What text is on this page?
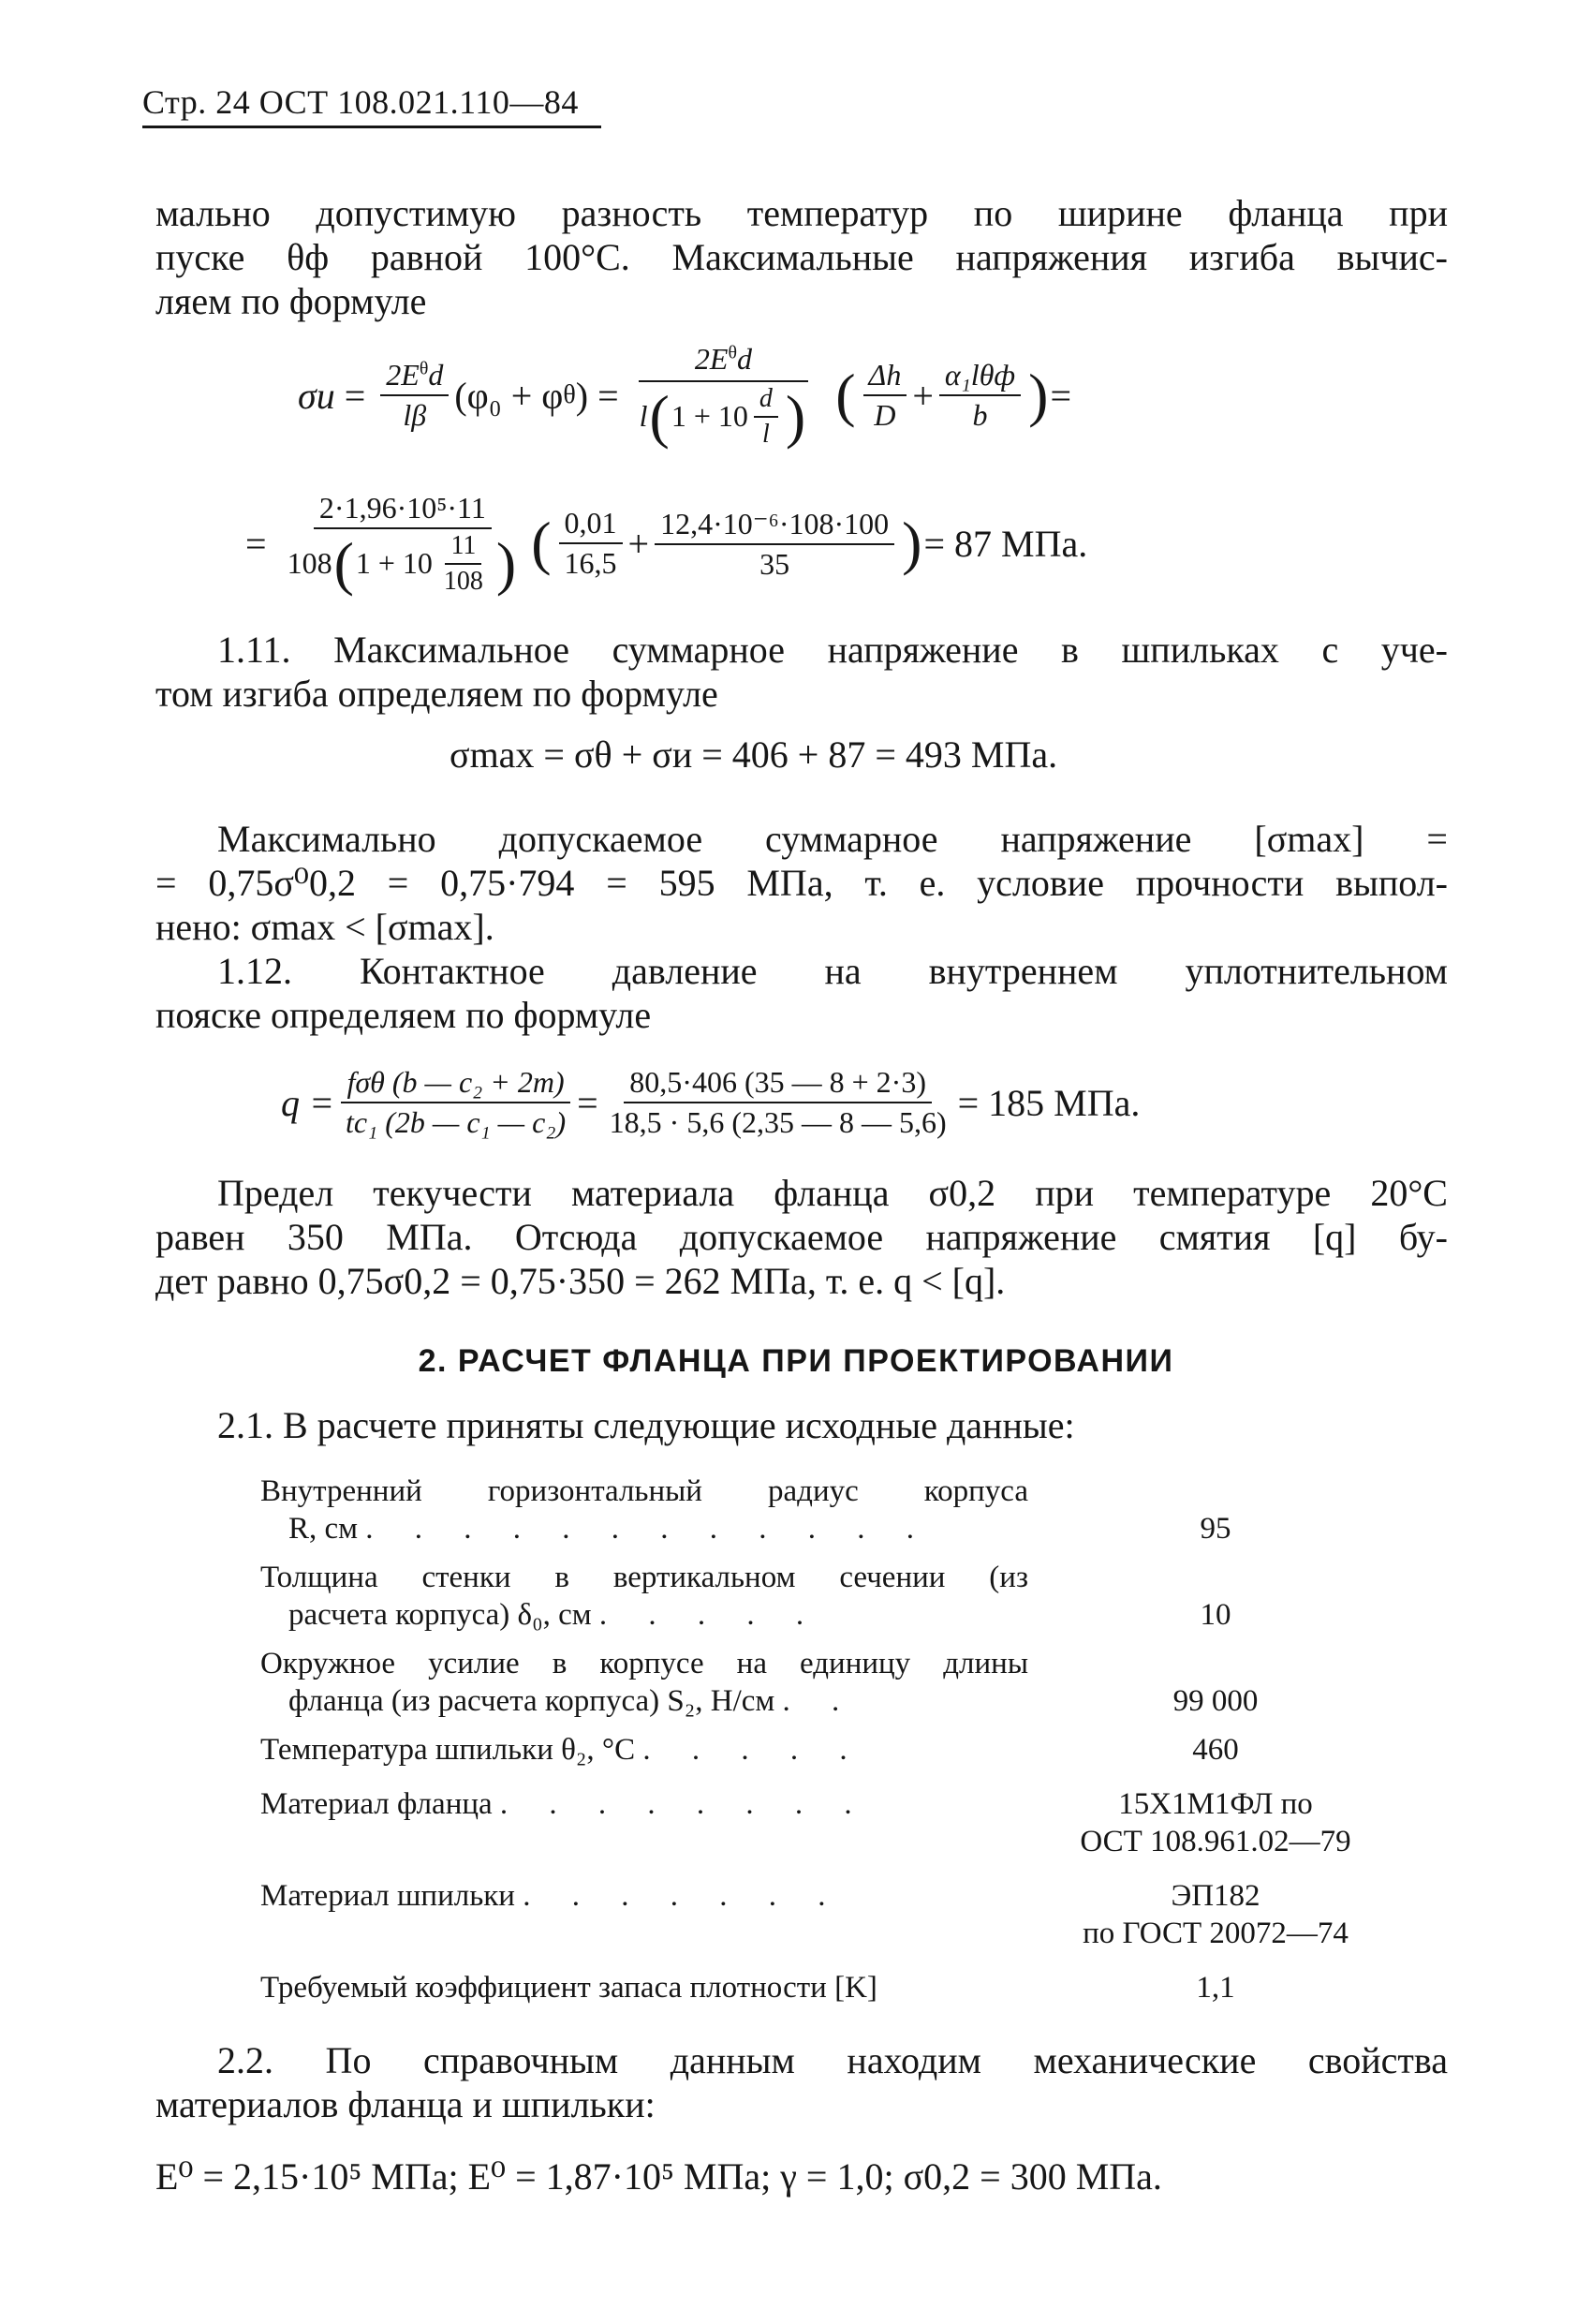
Стр. 24 ОСТ 108.021.110—84
мально допустимую разность температур по ширине фланца при
пуске θф равной 100°С. Максимальные напряжения изгиба вычис-
ляем по формуле
$\sigma и = \frac{2E^\theta d}{l\beta} (\varphi_0 + \varphi$ θ ) = $\frac{2E^\theta d}{l ( 1 + 10 \frac{d}{l} )}$ ( $\frac{\Delta h}{D} + \frac{\text{α₁lθф}}{b}$ ) =
= $\frac{\text{2·1,96·10⁵·11}}{108 ( 1 + 10 \frac{11}{108} )}$ ( $\frac{0,01}{16,5} + \frac{\text{12,4·10⁻⁶·108·100}}{35}$ ) = 87 МПа.
1.11. Максимальное суммарное напряжение в шпильках с уче-
том изгиба определяем по формуле
σmax = σθ + σи = 406 + 87 = 493 МПа.
Максимально допускаемое суммарное напряжение [σmax] =
= 0,75σ⁰0,2 = 0,75·794 = 595 МПа, т. е. условие прочности выпол-
нено: σmax < [σmax].
1.12. Контактное давление на внутреннем уплотнительном
пояске определяем по формуле
$q = \frac{\text{fσθ (b — c₂ + 2m)}}{\text{tc₁ (2b — c₁ — c₂)}} = \frac{80,5\cdot 406 (35 — 8 + 2\cdot 3)}{18,5 \cdot 5,6 (2,35 — 8 — 5,6)} = 185$ МПа.
Предел текучести материала фланца σ0,2 при температуре 20°С
равен 350 МПа. Отсюда допускаемое напряжение смятия [q] бу-
дет равно 0,75σ0,2 = 0,75·350 = 262 МПа, т. е. q < [q].
2. РАСЧЕТ ФЛАНЦА ПРИ ПРОЕКТИРОВАНИИ
2.1. В расчете приняты следующие исходные данные:
Внутренний горизонтальный радиус корпуса
R, см . . . . . . . . . . . .	95
Толщина стенки в вертикальном сечении (из
расчета корпуса) δ₀, см . . . . .	10
Окружное усилие в корпусе на единицу длины
фланца (из расчета корпуса) S₂, Н/см . .	99 000
Температура шпильки θ₂, °С . . . . .	460
Материал фланца . . . . . . . .	15Х1М1ФЛ по
ОСТ 108.961.02—79
Материал шпильки . . . . . . .	ЭП182
по ГОСТ 20072—74
Требуемый коэффициент запаса плотности [K]	1,1
2.2. По справочным данным находим механические свойства
материалов фланца и шпильки:
E⁰ = 2,15·10⁵ МПа; E⁰ = 1,87·10⁵ МПа; γ = 1,0; σ0,2 = 300 МПа.
